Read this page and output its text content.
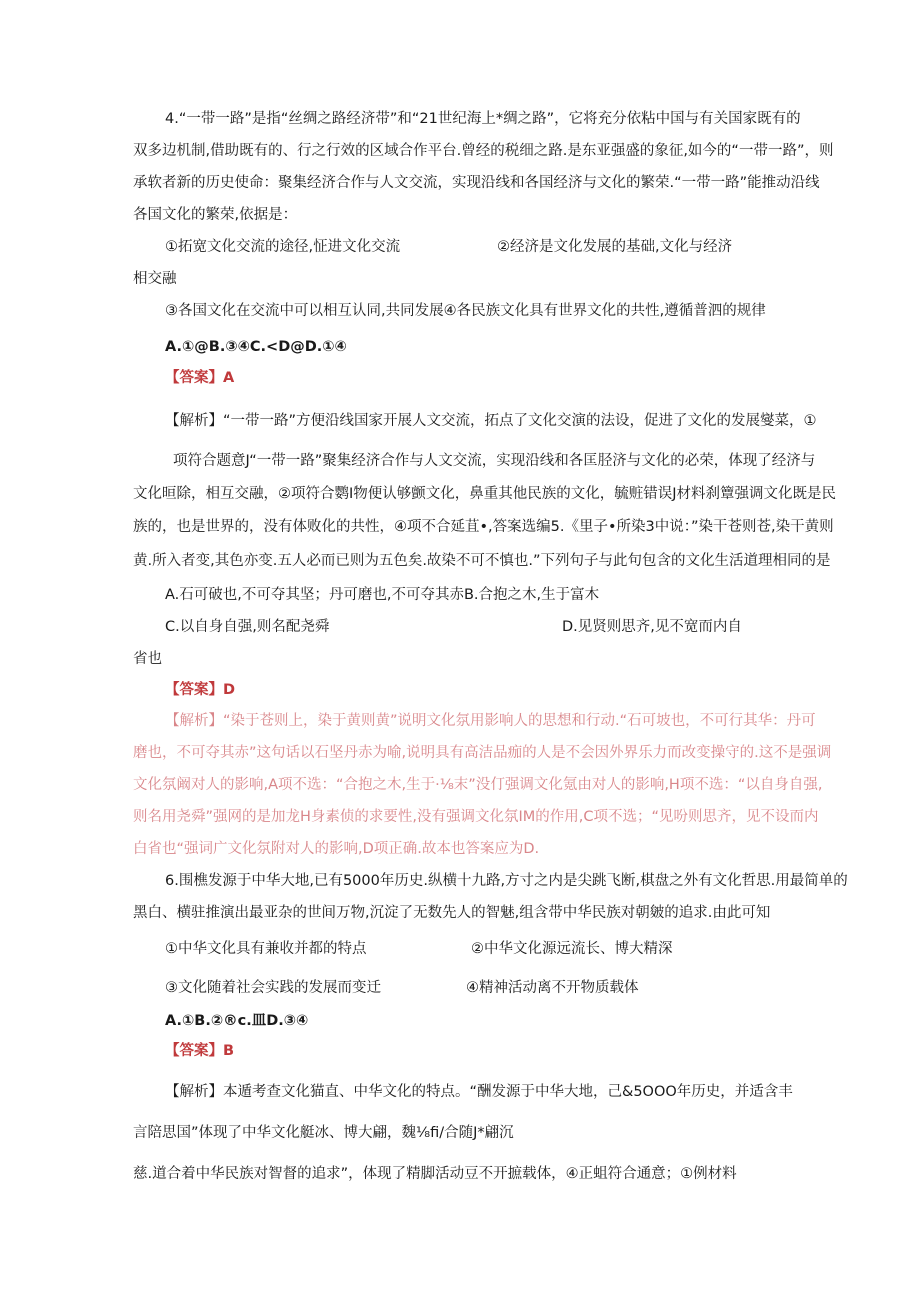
4.“一带一路”是指“丝绸之路经济带”和“21世纪海上*绸之路”，它将充分依粘中国与有关国家既有的
双多边机制,借助既有的、行之行效的区域合作平台.曾经的税细之路.是东亚强盛的象征,如今的“一带一路”，则
承软者新的历史使命：聚集经济合作与人文交流，实现沿线和各国经济与文化的繁荣.“一带一路”能推动沿线
各国文化的繁荣,依据是：
①拓宽文化交流的途径,怔进文化交流	②经济是文化发展的基础,文化与经济
相交融
③各国文化在交流中可以相互认同,共同发展④各民族文化具有世界文化的共性,遵循普泗的规律
A.①@B.③④C.<D@D.①④
【答案】A
【解析】“一带一路”方便沿线国家开展人文交流，拓点了文化交演的法设，促进了文化的发展燮菜，①
项符合题意J“一带一路”聚集经济合作与人文交流，实现沿线和各匡胫济与文化的必荣，体现了经济与
文化晅除，相互交融，②项符合鹦I物便认够颤文化，鼻重其他民族的文化，毓赃错误J材料刹簟强调文化既是民
族的，也是世界的，没有体败化的共性，④项不合延苴•,答案选编5.《里子•所染3中说：”染干苍则苍,染干黄则
黄.所入者变,其色亦变.五人必而已则为五色矣.故染不可不慎也.”下列句子与此句包含的文化生活道理相同的是
A.石可破也,不可夺其坚；丹可磨也,不可夺其赤B.合抱之木,生于富木
C.以自身自强,则名配尧舜	D.见贤则思齐,见不宽而内自
省也
【答案】D
【解析】“染于苍则上，染于黄则黄”说明文化氛用影响人的思想和行动.“石可坡也，不可行其华：丹可
磨也，不可夺其赤”这句话以石坚丹赤为喻,说明具有高洁品痂的人是不会因外界乐力而改变操守的.这不是强调
文化氛阚对人的影响,A项不选：“合抱之木,生于·⅛末”没仃强调文化氪由对人的影响,H项不选：“以自身自强,
则名用尧舜”强网的是加龙H身素侦的求要性,没有强调文化氛IM的作用,C项不选；“见吩则思齐，见不设而内
白省也“强词广文化氛附对人的影响,D项正确.故本也答案应为D.
6.围樵发源于中华大地,已有5000年历史.纵横十九路,方寸之内是尖跳飞断,棋盘之外有文化哲思.用最简单的
黑白、横驻推演出最亚杂的世间万物,沉淀了无数先人的智魅,组含带中华民族对朝皴的追求.由此可知
①中华文化具有兼收并都的特点	②中华文化源远流长、博大精深
③文化随着社会实践的发展而变迁	④精神活动离不开物质载体
A.①B.②®c.皿D.③④
【答案】B
【解析】本遁考查文化猫直、中华文化的特点。“酬发源于中华大地，己&5OOO年历史，并适含丰
言陪思国”体现了中华文化艇冰、博大翩，魏⅛fi/合随J*翩沉
慈.道合着中华民族对智督的追求”，体现了精脚活动豆不开摭载体，④正蛆符合通意；①例材料
